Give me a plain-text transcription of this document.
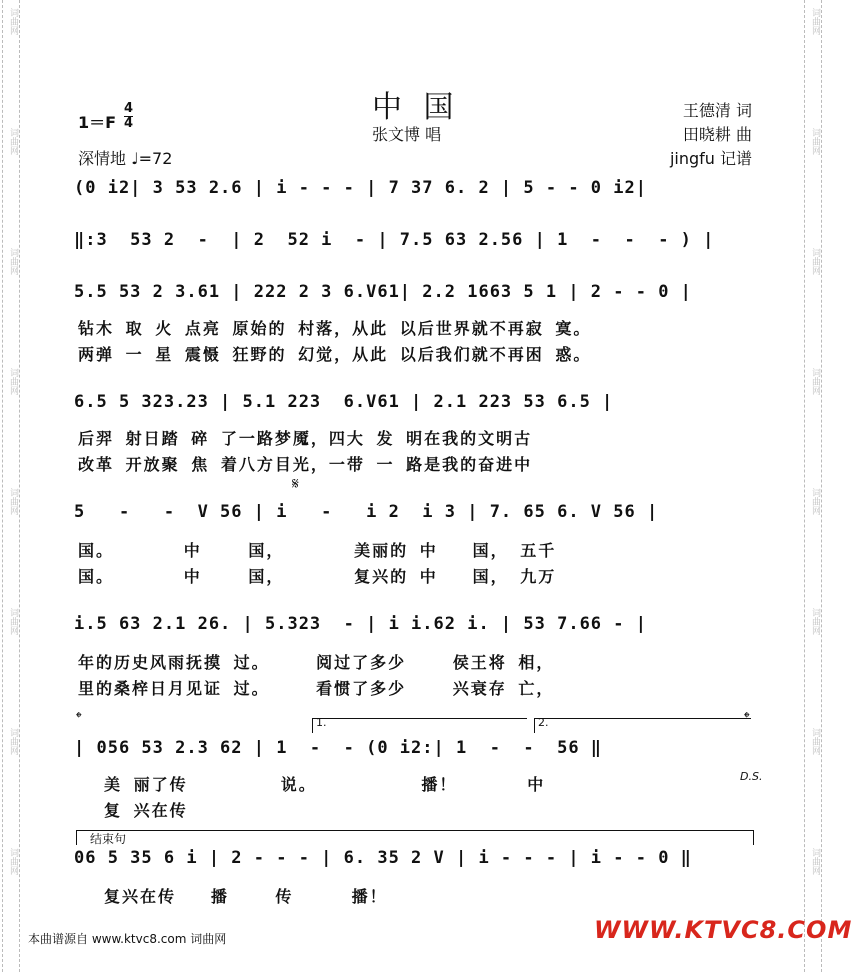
词曲网
词曲网
词曲网
词曲网
词曲网
词曲网
词曲网
词曲网
词曲网
词曲网
词曲网
词曲网
词曲网
词曲网
词曲网
词曲网
中 国
张文博 唱
1＝F
4
4
深情地 ♩=72
王德清 词
田晓耕 曲
jingfu 记谱
(0 i2| 3 53 2.6 | i - - - | 7 37 6. 2 | 5 - - 0 i2|
‖:3  53 2  -  | 2  52 i  - | 7.5 63 2.56 | 1  -  -  - ) |
5.5 53 2 3.61 | 222 2 3 6.V61| 2.2 1663 5 1 | 2 - - 0 |
钻木 取 火 点亮 原始的 村落，从此 以后世界就不再寂 寞。
两弹 一 星 震慑 狂野的 幻觉，从此 以后我们就不再困 惑。
6.5 5 323.23 | 5.1 223  6.V61 | 2.1 223 53 6.5 |
后羿 射日踏 碎 了一路梦魇，四大 发 明在我的文明古
改革 开放聚 焦 着八方目光，一带 一 路是我的奋进中
𝄋
5   -   -  V 56 | i   -   i 2  i 3 | 7. 65 6. V 56 |
国。      中    国，      美丽的 中   国， 五千
国。      中    国，      复兴的 中   国， 九万
i.5 63 2.1 26. | 5.323  - | i i.62 i. | 53 7.66 - |
年的历史风雨抚摸 过。    阅过了多少    侯王将 相，
里的桑梓日月见证 过。    看惯了多少    兴衰存 亡，
𝄌	𝄌
1.	2.
| 056 53 2.3 62 | 1  -  - (0 i2:| 1  -  -  56 ‖
美 丽了传        说。         播！      中
复 兴在传
D.S.
结束句
06 5 35 6 i | 2 - - - | 6. 35 2 V | i - - - | i - - 0 ‖
复兴在传   播    传     播！
本曲谱源自 www.ktvc8.com 词曲网	WWW.KTVC8.COM
